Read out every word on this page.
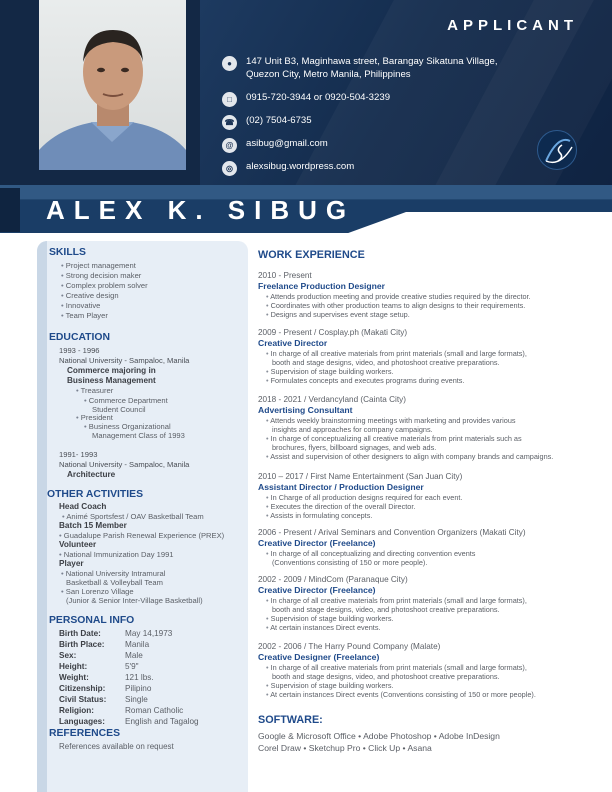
APPLICANT
●	147 Unit B3, Maginhawa street, Barangay Sikatuna Village,
Quezon City, Metro Manila, Philippines
□	0915-720-3944 or 0920-504-3239
☎ (02) 7504-6735
@	asibug@gmail.com
◎	alexsibug.wordpress.com
ALEX K. SIBUG
SKILLS
• Project management
• Strong decision maker
• Complex problem solver
• Creative design
• Innovative
• Team Player
EDUCATION
1993 - 1996
National University - Sampaloc, Manila
Commerce majoring in
Business Management
• Treasurer
• Commerce Department
Student Council
• President
• Business Organizational
Management Class of 1993
1991- 1993
National University - Sampaloc, Manila
Architecture
OTHER ACTIVITIES
Head Coach
• Animé Sportsfest / OAV Basketball Team
Batch 15 Member
• Guadalupe Parish Renewal Experience (PREX)
Volunteer
• National Immunization Day 1991
Player
• National University Intramural
Basketball & Volleyball Team
• San Lorenzo Village
(Junior & Senior Inter-Village Basketball)
PERSONAL INFO
Birth Date:	May 14,1973
Birth Place:	Manila
Sex:	Male
Height:	5'9"
Weight:	121 lbs.
Citizenship:	Pilipino
Civil Status:	Single
Religion:	Roman Catholic
Languages:	English and Tagalog
REFERENCES
References available on request
WORK EXPERIENCE
2010 - Present
Freelance Production Designer
• Attends production meeting and provide creative studies required by the director.
• Coordinates with other production teams to align designs to their requirements.
• Designs and supervises event stage setup.
2009 - Present / Cosplay.ph (Makati City)
Creative Director
• In charge of all creative materials from print materials (small and large formats),
booth and stage designs, video, and photoshoot creative preparations.
• Supervision of stage building workers.
• Formulates concepts and executes programs during events.
2018 - 2021 / Verdancyland (Cainta City)
Advertising Consultant
• Attends weekly brainstorming meetings with marketing and provides various
insights and approaches for company campaigns.
• In charge of conceptualizing all creative materials from print materials such as
brochures, flyers, billboard signages, and web ads.
• Assist and supervision of other designers to align with company brands and campaigns.
2010 – 2017 / First Name Entertainment (San Juan City)
Assistant Director / Production Designer
• In Charge of all production designs required for each event.
• Executes the direction of the overall Director.
• Assists in formulating concepts.
2006 - Present / Arival Seminars and Convention Organizers (Makati City)
Creative Director (Freelance)
• In charge of all conceptualizing and directing convention events
(Conventions consisting of 150 or more people).
2002 - 2009 / MindCom (Paranaque City)
Creative Director (Freelance)
• In charge of all creative materials from print materials (small and large formats),
booth and stage designs, video, and photoshoot creative preparations.
• Supervision of stage building workers.
• At certain instances Direct events.
2002 - 2006 / The Harry Pound Company (Malate)
Creative Designer (Freelance)
• In charge of all creative materials from print materials (small and large formats),
booth and stage designs, video, and photoshoot creative preparations.
• Supervision of stage building workers.
• At certain instances Direct events (Conventions consisting of 150 or more people).
SOFTWARE:
Google & Microsoft Office • Adobe Photoshop • Adobe InDesign
Corel Draw • Sketchup Pro • Click Up • Asana
